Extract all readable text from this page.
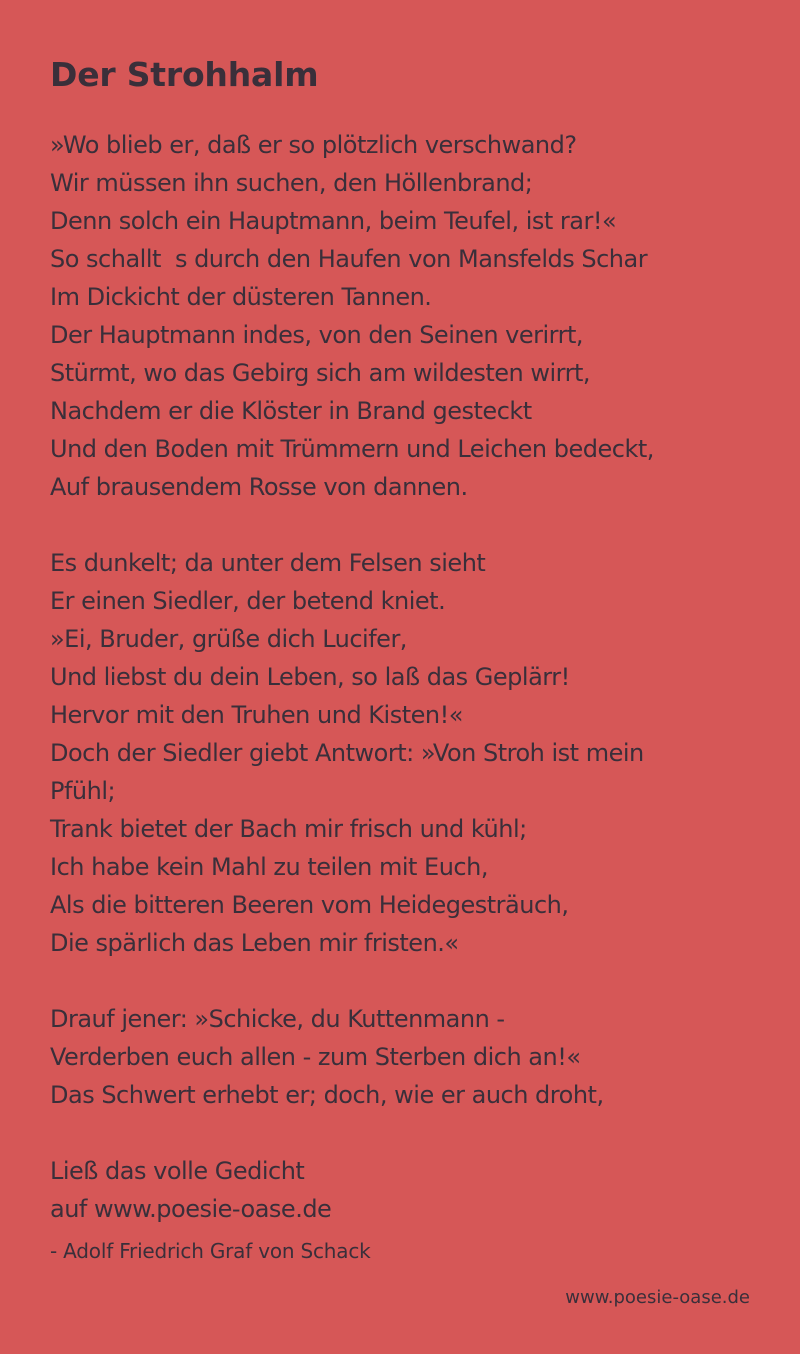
Der Strohhalm
»Wo blieb er, daß er so plötzlich verschwand?
Wir müssen ihn suchen, den Höllenbrand;
Denn solch ein Hauptmann, beim Teufel, ist rar!«
So schallts durch den Haufen von Mansfelds Schar
Im Dickicht der düsteren Tannen.
Der Hauptmann indes, von den Seinen verirrt,
Stürmt, wo das Gebirg sich am wildesten wirrt,
Nachdem er die Klöster in Brand gesteckt
Und den Boden mit Trümmern und Leichen bedeckt,
Auf brausendem Rosse von dannen.
Es dunkelt; da unter dem Felsen sieht
Er einen Siedler, der betend kniet.
»Ei, Bruder, grüße dich Lucifer,
Und liebst du dein Leben, so laß das Geplärr!
Hervor mit den Truhen und Kisten!«
Doch der Siedler giebt Antwort: »Von Stroh ist mein
Pfühl;
Trank bietet der Bach mir frisch und kühl;
Ich habe kein Mahl zu teilen mit Euch,
Als die bitteren Beeren vom Heidegesträuch,
Die spärlich das Leben mir fristen.«
Drauf jener: »Schicke, du Kuttenmann -
Verderben euch allen - zum Sterben dich an!«
Das Schwert erhebt er; doch, wie er auch droht,
Ließ das volle Gedicht
auf www.poesie-oase.de
- Adolf Friedrich Graf von Schack
www.poesie-oase.de
